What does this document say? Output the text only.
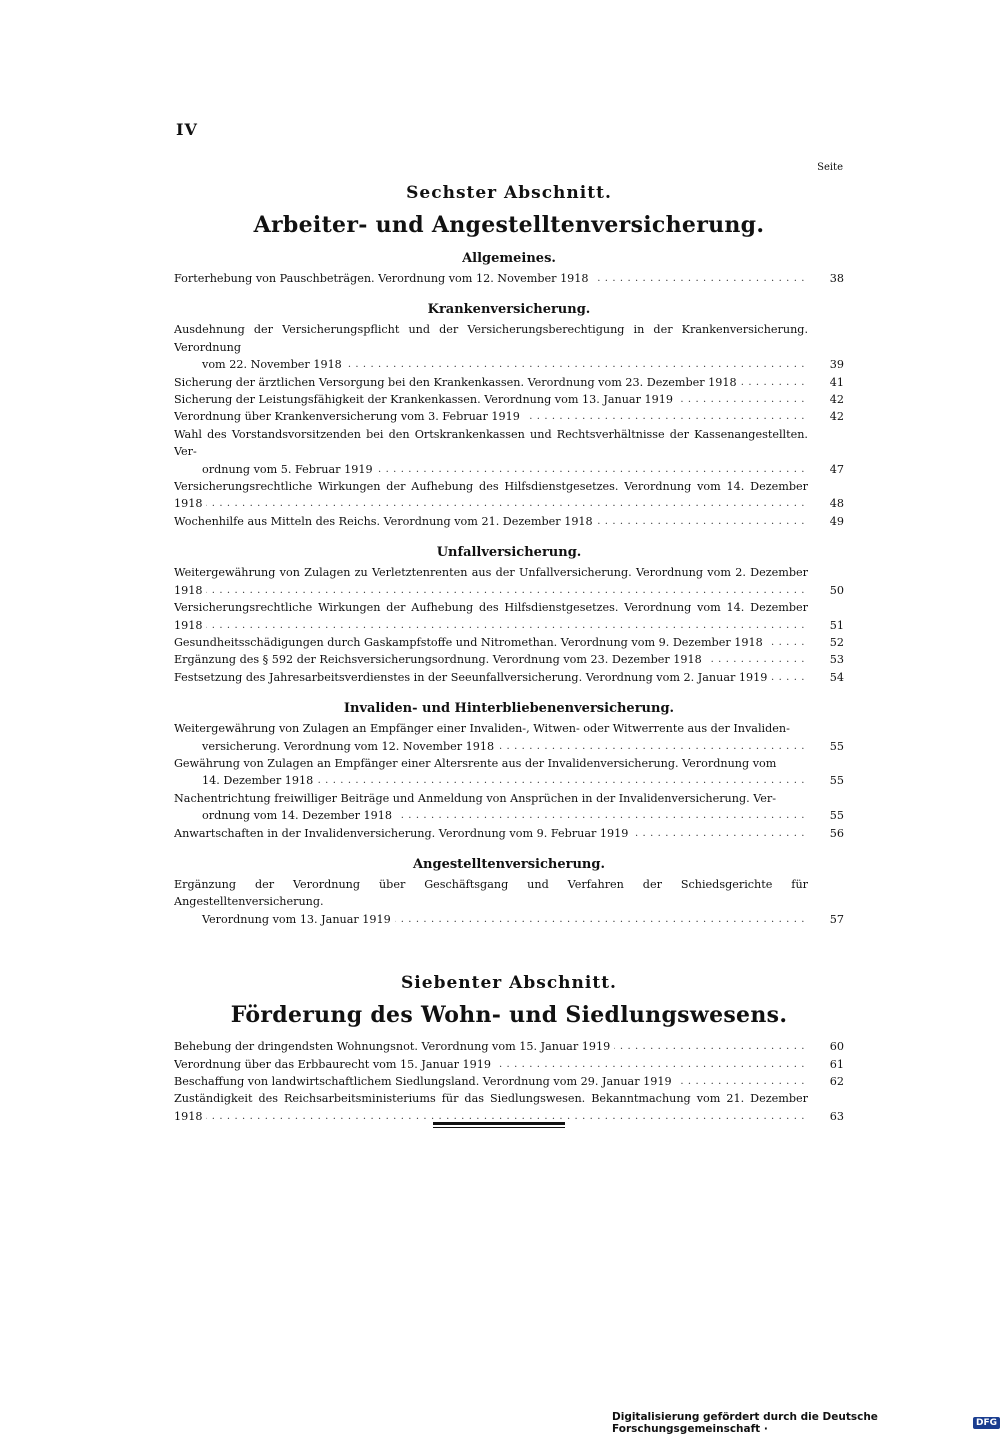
IV
Seite
Sechster Abschnitt.
Arbeiter- und Angestelltenversicherung.
Allgemeines.
Forterhebung von Pauschbeträgen. Verordnung vom 12. November 1918 . . .	38
Krankenversicherung.
Ausdehnung der Versicherungspflicht und der Versicherungsberechtigung in der Krankenversicherung. Verordnung
vom 22. November 1918 . . .	39
Sicherung der ärztlichen Versorgung bei den Krankenkassen. Verordnung vom 23. Dezember 1918 . . .	41
Sicherung der Leistungsfähigkeit der Krankenkassen. Verordnung vom 13. Januar 1919 . . .	42
Verordnung über Krankenversicherung vom 3. Februar 1919 . . .	42
Wahl des Vorstandsvorsitzenden bei den Ortskrankenkassen und Rechtsverhältnisse der Kassenangestellten. Ver-
ordnung vom 5. Februar 1919 . . .	47
Versicherungsrechtliche Wirkungen der Aufhebung des Hilfsdienstgesetzes. Verordnung vom 14. Dezember 1918 . . .	48
Wochenhilfe aus Mitteln des Reichs. Verordnung vom 21. Dezember 1918 . . .	49
Unfallversicherung.
Weitergewährung von Zulagen zu Verletztenrenten aus der Unfallversicherung. Verordnung vom 2. Dezember 1918 . . .	50
Versicherungsrechtliche Wirkungen der Aufhebung des Hilfsdienstgesetzes. Verordnung vom 14. Dezember 1918 . . .	51
Gesundheitsschädigungen durch Gaskampfstoffe und Nitromethan. Verordnung vom 9. Dezember 1918 . . .	52
Ergänzung des § 592 der Reichsversicherungsordnung. Verordnung vom 23. Dezember 1918 . . .	53
Festsetzung des Jahresarbeitsverdienstes in der Seeunfallversicherung. Verordnung vom 2. Januar 1919 . . .	54
Invaliden- und Hinterbliebenenversicherung.
Weitergewährung von Zulagen an Empfänger einer Invaliden-, Witwen- oder Witwerrente aus der Invaliden-
versicherung. Verordnung vom 12. November 1918 . . .	55
Gewährung von Zulagen an Empfänger einer Altersrente aus der Invalidenversicherung. Verordnung vom
14. Dezember 1918 . . .	55
Nachentrichtung freiwilliger Beiträge und Anmeldung von Ansprüchen in der Invalidenversicherung. Ver-
ordnung vom 14. Dezember 1918 . . .	55
Anwartschaften in der Invalidenversicherung. Verordnung vom 9. Februar 1919 . . .	56
Angestelltenversicherung.
Ergänzung der Verordnung über Geschäftsgang und Verfahren der Schiedsgerichte für Angestelltenversicherung.
Verordnung vom 13. Januar 1919 . . .	57
Siebenter Abschnitt.
Förderung des Wohn- und Siedlungswesens.
Behebung der dringendsten Wohnungsnot. Verordnung vom 15. Januar 1919 . . .	60
Verordnung über das Erbbaurecht vom 15. Januar 1919 . . .	61
Beschaffung von landwirtschaftlichem Siedlungsland. Verordnung vom 29. Januar 1919 . . .	62
Zuständigkeit des Reichsarbeitsministeriums für das Siedlungswesen. Bekanntmachung vom 21. Dezember 1918 . . .	63
Digitalisierung gefördert durch die Deutsche Forschungsgemeinschaft ·	DFG
